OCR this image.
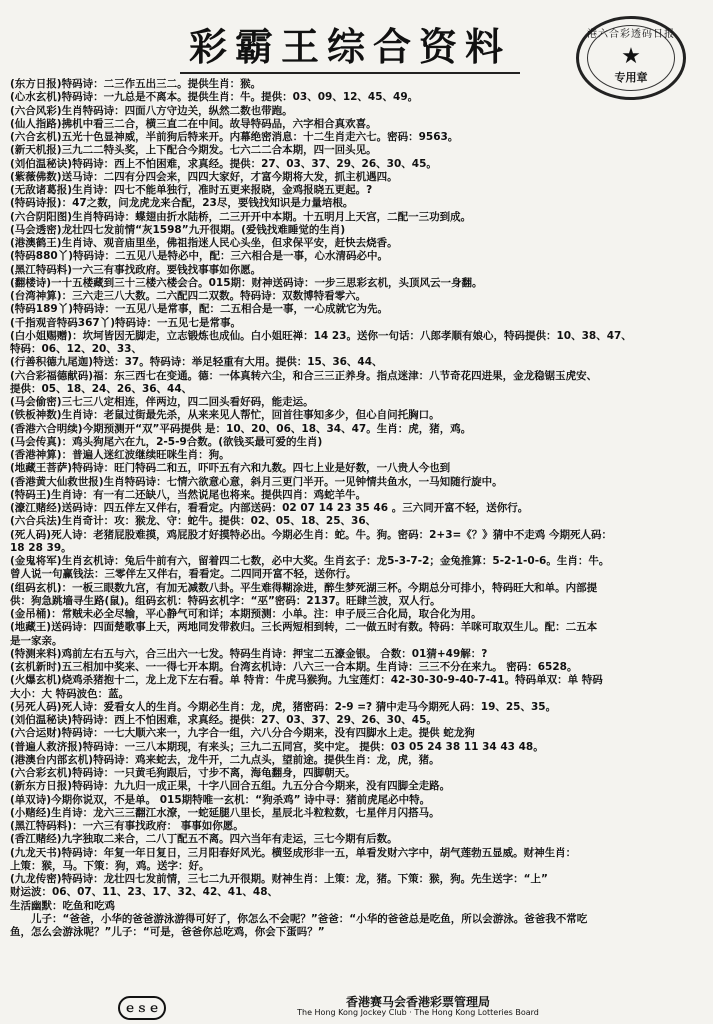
彩霸王综合资料	港六合彩透码日报
★
专用章
(东方日报)特码诗：二三作五出三二。提供生肖：猴。
(心水玄机)特码诗：一九总是不离本。提供生肖：牛。提供：03、09、12、45、49。
(六合风彩)生肖特码诗：四面八方守边关，纵然二数也带跑。
(仙人指路)拂机中看三二合，横三直二在中间。故导特码品，六字相合真欢喜。
(六合玄机)五光十色显神威，半前狗后特来开。内幕绝密消息：十二生肖走六七。密码：9563。
(新天机报)三九二二特头奖，上下配合今期发。七六二二合本期，四一回头见。
(刘伯温秘诀)特码诗：西上不怕困难，求真经。提供：27、03、37、29、26、30、45。
(紫薇佛数)送马诗：二四有分四会来，四四大家好，才富今期将大发，抓主机遇四。
(无敌诸葛报)生肖诗：四七不能单独行，准时五更来报晓，金鸡报晓五更起。?
(特码诗报)：47之数，问龙虎龙来合配，23尽，要钱找知识是力量培根。
(六合阴阳图)生肖特码诗：蝶翅由折水陆桥，二三开开中本期。十五明月上天宫，二配一三功到成。
(马会透密)龙壮四七发前情“灰1598”九开很期。(爱钱找难睡觉的生肖)
(港澳鹤王)生肖诗、观音庙里坐，佛祖指迷人民心头坐，但求保平安，赶快去烧香。
(特码880丫)特码诗：二五见八是特必中，配：三六相合是一事，心水清码必中。
(黑江特码料)一六三有事找政府。要钱找事事如你愿。
(翻楼诗)一十五楼藏到三十三楼六楼会合。015期：财神送码诗：一步三思彩玄机，头顶风云一身翻。
(台湾神算)：三六走三八大数。二六配四二双数。特码诗：双数博特看零六。
(特码189丫)特码诗：一五见八是常事，配：二五相合是一事，一心成就它为先。
(千指观音特码367丫)特码诗：一五见七是常事。
(白小姐赐赠)：坎坷皆因无脚走，立志锻炼也成仙。白小姐旺禅：14 23。送你一句话：八郎孝顺有娘心，特码提供：10、38、47、
特码：06、12、20、33、
(行善积德九尾迦)特送：37。特码诗：举足轻重有大用。提供：15、36、44、
(六合彩福德献码)福：东三西七在变通。德：一体真转六尘，和合三三正养身。指点迷津：八节奇花四进果，金龙稳锯玉虎安、
提供：05、18、24、26、36、44、
(马会偷密)三七三八定相连，伴两边，四二回头看好码，能走运。
(铁板神数)生肖诗：老鼠过街最先杀，从来来见人帮忙，回首往事知多少，但心自问托胸口。
(香港六合明续)今期预测开“双”平码提供 是：10、20、06、18、34、47。生肖：虎，猪，鸡。
(马会传真)：鸡头狗尾六在九，2-5-9合数。(欲钱买最可爱的生肖)
(香港神算)：普遍人迷红波继续旺咪生肖：狗。
(地藏王菩萨)特码诗：旺门特码二和五，吓吓五有六和九数。四七上业是好数，一八贵人今也到
(香港黄大仙救世报)生肖特码诗：七情六欲意心意，斜月三更门半开。一见钟情共鱼水，一马知随行旋中。
(特码王)生肖诗：有一有二还缺八，当然说尾也将来。提供四肖：鸡蛇羊牛。
(濠江赌经)送码诗：四五伴左又伴右，看看定。内部送码：02 07 14 23 35 46 。三六同开富不轻，送你行。
(六合兵法)生肖奇计：攻：猴龙、守：蛇牛。提供：02、05、18、25、36、
(死人码)死人诗：老猪屁股难摸，鸡屁股才好摸特必出。今期必生肖：蛇。牛。狗。密码：2+3=《？》猜中不走鸡 今期死人码：
18 28 39。
(金鬼将军)生肖玄机诗：兔后牛前有六，留着四二七数，必中大奖。生肖玄子：龙5-3-7-2；金兔推算：5-2-1-0-6。生肖：牛。
曾人说一句赢钱法：三零伴左又伴右，看看定。二四同开富不轻，送你行。
(组码玄机)：一板三眼数九宫，有加无减数八卦。平生难得糊涂进，醉生梦死湖三杯。今期总分可排小，特码旺大和单。内部提
供：狗急跳墙寻生路(鼠)。组码玄机：特码玄机字：“巫”密码：2137。旺肆兰波，双人行。
(金吊桶)：常贼未必全尽输，平心静气可和详；本期预测：小单。注：申子辰三合化局，取合化为用。
(地藏王)送码诗：四面楚歌事上天，两地同发带救归。三长两短相到转，二一做五时有数。特码：羊咪可取双生儿。配：二五本
是一家亲。
(特测来料)鸡前左右五与六，合三出六一七发。特码生肖诗：押宝二五濠金银。 合数：01猜+49解：?
(玄机新时)五三相加中奖来、一一得七开本期。台湾玄机诗：八六三一合本期。生肖诗：三三不分在来九。 密码：6528。
(火爆玄机)烧鸡杀猪抱十二，龙上龙下左右看。单 特肯：牛虎马猴狗。九宝莲灯：42-30-30-9-40-7-41。特码单双：单 特码
大小：大 特码波色：蓝。
(另死人码)死人诗：爱看女人的生肖。今期必生肖：龙，虎，猪密码：2-9 =? 猜中走马今期死人码：19、25、35。
(刘伯温秘诀)特码诗：西上不怕困难，求真经。提供：27、03、37、29、26、30、45。
(六合运财)特码诗：一七大顺六来一，九字合一组，六八分合今期来，没有四脚水上走。提供 蛇龙狗
(普遍人救济报)特码诗：一三八本期现，有来头；三九二五同宫，奖中定。 提供：03 05 24 38 11 34 43 48。
(港澳台内部玄机)特码诗：鸡来蛇去，龙牛开，二九点头，望前途。提供生肖：龙，虎，猪。
(六合彩玄机)特码诗：一只黄毛狗跟后，寸步不离，海龟翻身，四脚朝天。
(新东方日报)特码诗：九九归一成正果，十字八回合五组。九五分合今期来，没有四脚全走路。
(单双诗)今期你说双，不是单。 015期特唯一玄机：“狗杀鸡” 诗中寻：猪前虎尾必中特。
(小赌经)生肖诗：龙六三三翻江水潦，一蛇延腿八里长，星辰北斗粒粒数，七星伴月闪搭马。
(黑江特码料)：一六三有事找政府： 事事如你愿。
(香江赌经)九字独取二来合，二八丁配五不离。四六当年有走运，三七今期有后数。
(九龙天书)特码诗：年复一年日复日，三月阳春好风光。横竖成形非一五，单看发财六字中，胡气莲勃五显威。财神生肖：
上策：猴，马。下策：狗，鸡。送字：好。
(九龙传密)特码诗：龙壮四七发前情，三七二九开很期。财神生肖：上策：龙，猪。下策：猴，狗。先生送字：“上”
财运波：06、07、11、23、17、32、42、41、48、
生活幽默：吃鱼和吃鸡
　　儿子：“爸爸，小华的爸爸游泳游得可好了，你怎么不会呢？”爸爸：“小华的爸爸总是吃鱼，所以会游泳。爸爸我不常吃
鱼，怎么会游泳呢？”儿子：“可是，爸爸你总吃鸡，你会下蛋吗？”
ｅｓｅ	香港赛马会香港彩票管理局
The Hong Kong Jockey Club · The Hong Kong Lotteries Board
